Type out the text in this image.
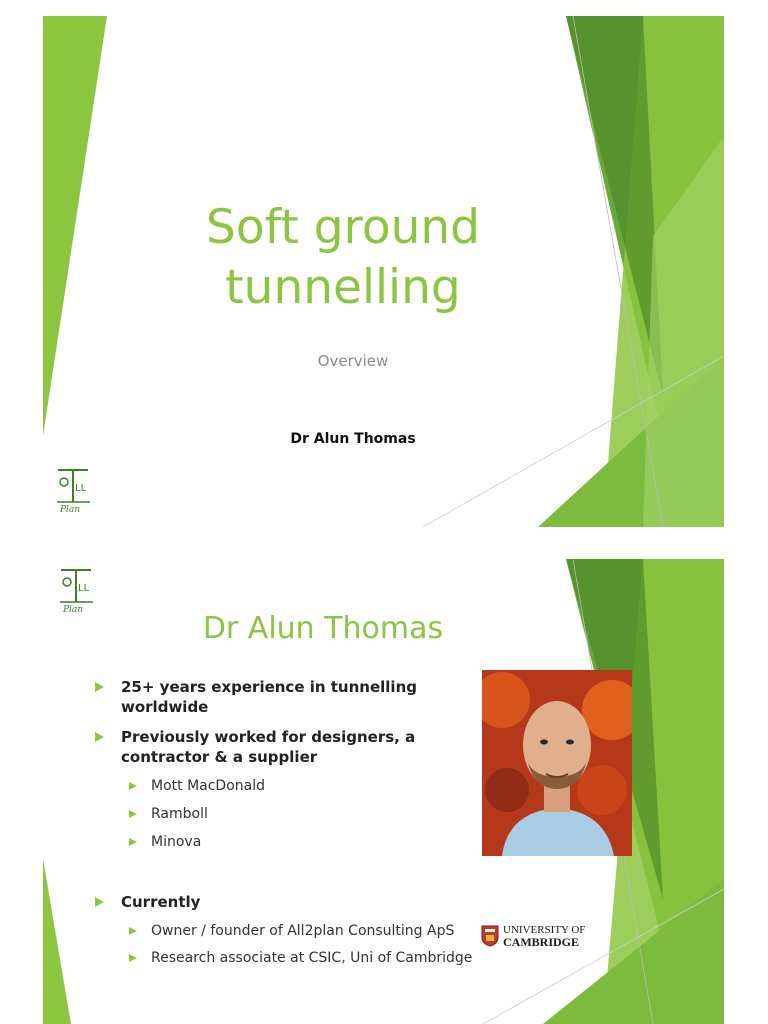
Soft ground
tunnelling
Overview
Dr Alun Thomas
LL
Plan
LL
Plan
Dr Alun Thomas
25+ years experience in tunnelling worldwide
Previously worked for designers, a contractor & a supplier
Mott MacDonald
Ramboll
Minova
Currently
Owner / founder of All2plan Consulting ApS
Research associate at CSIC, Uni of Cambridge
UNIVERSITY OF
CAMBRIDGE
